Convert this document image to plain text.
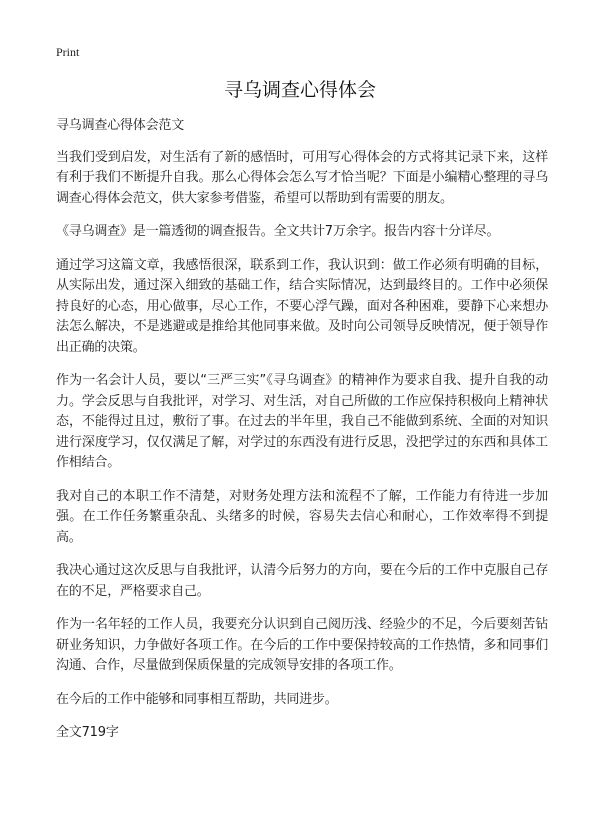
Print
寻乌调查心得体会

寻乌调查心得体会范文

当我们受到启发，对生活有了新的感悟时，可用写心得体会的方式将其记录下来，这样有利于我们不断提升自我。那么心得体会怎么写才恰当呢？下面是小编精心整理的寻乌调查心得体会范文，供大家参考借鉴，希望可以帮助到有需要的朋友。

《寻乌调查》是一篇透彻的调查报告。全文共计7万余字。报告内容十分详尽。

通过学习这篇文章，我感悟很深，联系到工作，我认识到：做工作必须有明确的目标，从实际出发，通过深入细致的基础工作，结合实际情况，达到最终目的。工作中必须保持良好的心态，用心做事，尽心工作，不要心浮气躁，面对各种困难，要静下心来想办法怎么解决，不是逃避或是推给其他同事来做。及时向公司领导反映情况，便于领导作出正确的决策。

作为一名会计人员，要以“三严三实”《寻乌调查》的精神作为要求自我、提升自我的动力。学会反思与自我批评，对学习、对生活，对自己所做的工作应保持积极向上精神状态，不能得过且过，敷衍了事。在过去的半年里，我自己不能做到系统、全面的对知识进行深度学习，仅仅满足了解，对学过的东西没有进行反思，没把学过的东西和具体工作相结合。

我对自己的本职工作不清楚，对财务处理方法和流程不了解，工作能力有待进一步加强。在工作任务繁重杂乱、头绪多的时候，容易失去信心和耐心，工作效率得不到提高。

我决心通过这次反思与自我批评，认清今后努力的方向，要在今后的工作中克服自己存在的不足，严格要求自己。

作为一名年轻的工作人员，我要充分认识到自己阅历浅、经验少的不足，今后要刻苦钻研业务知识，力争做好各项工作。在今后的工作中要保持较高的工作热情，多和同事们沟通、合作，尽量做到保质保量的完成领导安排的各项工作。

在今后的工作中能够和同事相互帮助，共同进步。

全文719字
